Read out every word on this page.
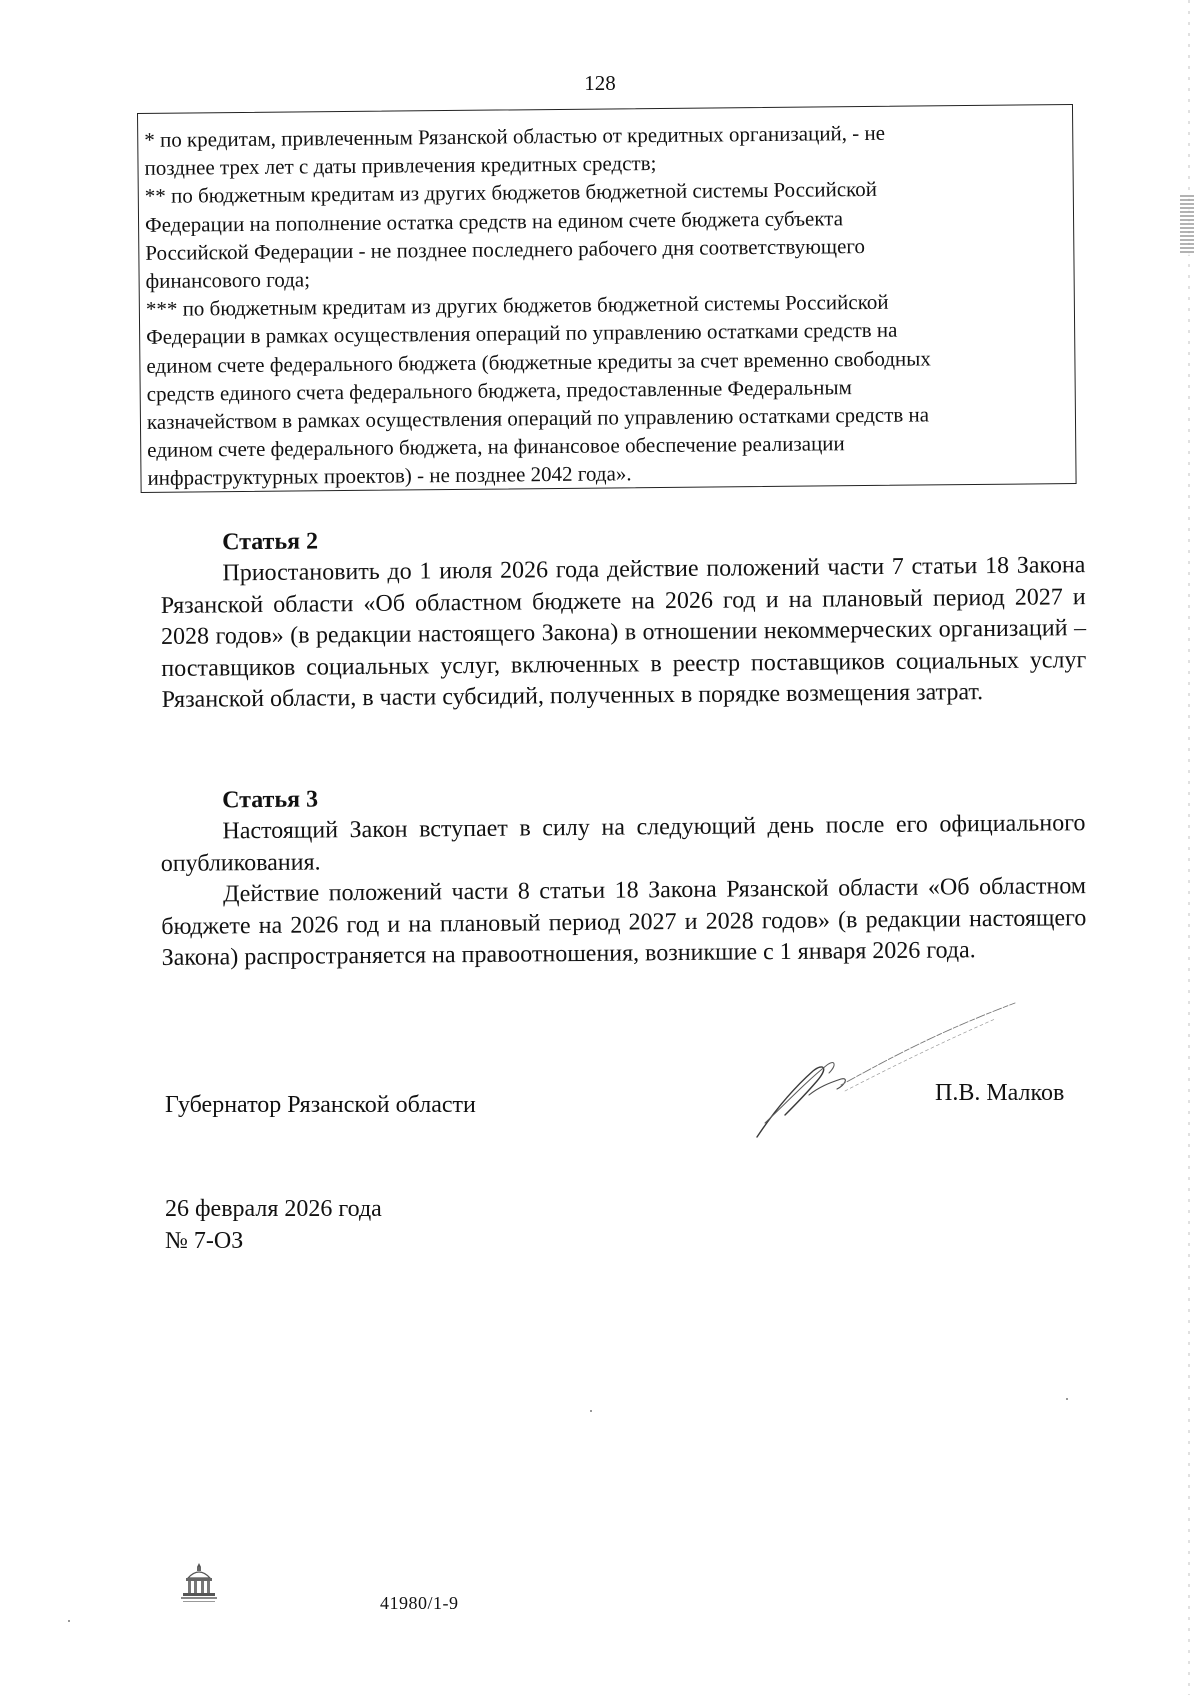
128
* по кредитам, привлеченным Рязанской областью от кредитных организаций, - не
позднее трех лет с даты привлечения кредитных средств;
** по бюджетным кредитам из других бюджетов бюджетной системы Российской
Федерации на пополнение остатка средств на едином счете бюджета субъекта
Российской Федерации - не позднее последнего рабочего дня соответствующего
финансового года;
*** по бюджетным кредитам из других бюджетов бюджетной системы Российской
Федерации в рамках осуществления операций по управлению остатками средств на
едином счете федерального бюджета (бюджетные кредиты за счет временно свободных
средств единого счета федерального бюджета, предоставленные Федеральным
казначейством в рамках осуществления операций по управлению остатками средств на
едином счете федерального бюджета, на финансовое обеспечение реализации
инфраструктурных проектов) - не позднее 2042 года».
Статья 2

Приостановить до 1 июля 2026 года действие положений части 7 статьи 18 Закона Рязанской области «Об областном бюджете на 2026 год и на плановый период 2027 и 2028 годов» (в редакции настоящего Закона) в отношении некоммерческих организаций – поставщиков социальных услуг, включенных в реестр поставщиков социальных услуг Рязанской области, в части субсидий, полученных в порядке возмещения затрат.

Статья 3

Настоящий Закон вступает в силу на следующий день после его официального опубликования.

Действие положений части 8 статьи 18 Закона Рязанской области «Об областном бюджете на 2026 год и на плановый период 2027 и 2028 годов» (в редакции настоящего Закона) распространяется на правоотношения, возникшие с 1 января 2026 года.

Губернатор Рязанской области	П.В. Малков
26 февраля 2026 года
№ 7-ОЗ
41980/1-9
